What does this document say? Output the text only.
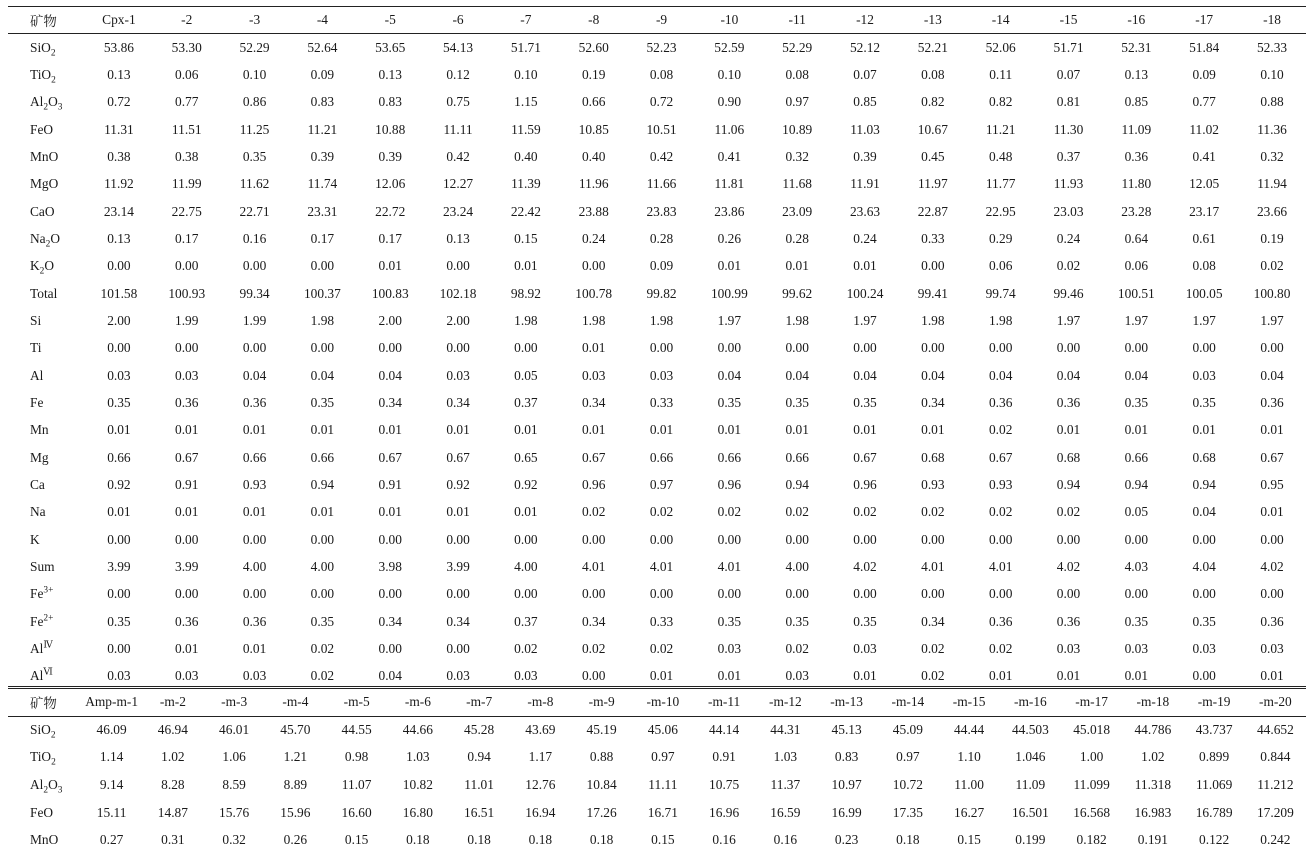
矿物	Cpx-1	-2	-3	-4	-5	-6	-7	-8	-9	-10	-11	-12	-13	-14	-15	-16	-17	-18
SiO$_2$	53.86	53.30	52.29	52.64	53.65	54.13	51.71	52.60	52.23	52.59	52.29	52.12	52.21	52.06	51.71	52.31	51.84	52.33
TiO$_2$	0.13	0.06	0.10	0.09	0.13	0.12	0.10	0.19	0.08	0.10	0.08	0.07	0.08	0.11	0.07	0.13	0.09	0.10
$Al_2O_3$	0.72	0.77	0.86	0.83	0.83	0.75	1.15	0.66	0.72	0.90	0.97	0.85	0.82	0.82	0.81	0.85	0.77	0.88
FeO	11.31	11.51	11.25	11.21	10.88	11.11	11.59	10.85	10.51	11.06	10.89	11.03	10.67	11.21	11.30	11.09	11.02	11.36
MnO	0.38	0.38	0.35	0.39	0.39	0.42	0.40	0.40	0.42	0.41	0.32	0.39	0.45	0.48	0.37	0.36	0.41	0.32
MgO	11.92	11.99	11.62	11.74	12.06	12.27	11.39	11.96	11.66	11.81	11.68	11.91	11.97	11.77	11.93	11.80	12.05	11.94
CaO	23.14	22.75	22.71	23.31	22.72	23.24	22.42	23.88	23.83	23.86	23.09	23.63	22.87	22.95	23.03	23.28	23.17	23.66
$Na_2O$	0.13	0.17	0.16	0.17	0.17	0.13	0.15	0.24	0.28	0.26	0.28	0.24	0.33	0.29	0.24	0.64	0.61	0.19
$K_2O$	0.00	0.00	0.00	0.00	0.01	0.00	0.01	0.00	0.09	0.01	0.01	0.01	0.00	0.06	0.02	0.06	0.08	0.02
Total	101.58	100.93	99.34	100.37	100.83	102.18	98.92	100.78	99.82	100.99	99.62	100.24	99.41	99.74	99.46	100.51	100.05	100.80
Si	2.00	1.99	1.99	1.98	2.00	2.00	1.98	1.98	1.98	1.97	1.98	1.97	1.98	1.98	1.97	1.97	1.97	1.97
Ti	0.00	0.00	0.00	0.00	0.00	0.00	0.00	0.01	0.00	0.00	0.00	0.00	0.00	0.00	0.00	0.00	0.00	0.00
Al	0.03	0.03	0.04	0.04	0.04	0.03	0.05	0.03	0.03	0.04	0.04	0.04	0.04	0.04	0.04	0.04	0.03	0.04
Fe	0.35	0.36	0.36	0.35	0.34	0.34	0.37	0.34	0.33	0.35	0.35	0.35	0.34	0.36	0.36	0.35	0.35	0.36
Mn	0.01	0.01	0.01	0.01	0.01	0.01	0.01	0.01	0.01	0.01	0.01	0.01	0.01	0.02	0.01	0.01	0.01	0.01
Mg	0.66	0.67	0.66	0.66	0.67	0.67	0.65	0.67	0.66	0.66	0.66	0.67	0.68	0.67	0.68	0.66	0.68	0.67
Ca	0.92	0.91	0.93	0.94	0.91	0.92	0.92	0.96	0.97	0.96	0.94	0.96	0.93	0.93	0.94	0.94	0.94	0.95
Na	0.01	0.01	0.01	0.01	0.01	0.01	0.01	0.02	0.02	0.02	0.02	0.02	0.02	0.02	0.02	0.05	0.04	0.01
K	0.00	0.00	0.00	0.00	0.00	0.00	0.00	0.00	0.00	0.00	0.00	0.00	0.00	0.00	0.00	0.00	0.00	0.00
Sum	3.99	3.99	4.00	4.00	3.98	3.99	4.00	4.01	4.01	4.01	4.00	4.02	4.01	4.01	4.02	4.03	4.04	4.02
$Fe^{3+}$	0.00	0.00	0.00	0.00	0.00	0.00	0.00	0.00	0.00	0.00	0.00	0.00	0.00	0.00	0.00	0.00	0.00	0.00
$Fe^{2+}$	0.35	0.36	0.36	0.35	0.34	0.34	0.37	0.34	0.33	0.35	0.35	0.35	0.34	0.36	0.36	0.35	0.35	0.36
$Al^Ⅳ$	0.00	0.01	0.01	0.02	0.00	0.00	0.02	0.02	0.02	0.03	0.02	0.03	0.02	0.02	0.03	0.03	0.03	0.03
$Al^Ⅵ$	0.03	0.03	0.03	0.02	0.04	0.03	0.03	0.00	0.01	0.01	0.03	0.01	0.02	0.01	0.01	0.01	0.00	0.01
矿物	Amp-m-1	-m-2	-m-3	-m-4	-m-5	-m-6	-m-7	-m-8	-m-9	-m-10	-m-11	-m-12	-m-13	-m-14	-m-15	-m-16	-m-17	-m-18	-m-19	-m-20
SiO$_2$	46.09	46.94	46.01	45.70	44.55	44.66	45.28	43.69	45.19	45.06	44.14	44.31	45.13	45.09	44.44	44.503	45.018	44.786	43.737	44.652
TiO$_2$	1.14	1.02	1.06	1.21	0.98	1.03	0.94	1.17	0.88	0.97	0.91	1.03	0.83	0.97	1.10	1.046	1.00	1.02	0.899	0.844
$Al_2O_3$	9.14	8.28	8.59	8.89	11.07	10.82	11.01	12.76	10.84	11.11	10.75	11.37	10.97	10.72	11.00	11.09	11.099	11.318	11.069	11.212
FeO	15.11	14.87	15.76	15.96	16.60	16.80	16.51	16.94	17.26	16.71	16.96	16.59	16.99	17.35	16.27	16.501	16.568	16.983	16.789	17.209
MnO	0.27	0.31	0.32	0.26	0.15	0.18	0.18	0.18	0.18	0.15	0.16	0.16	0.23	0.18	0.15	0.199	0.182	0.191	0.122	0.242
